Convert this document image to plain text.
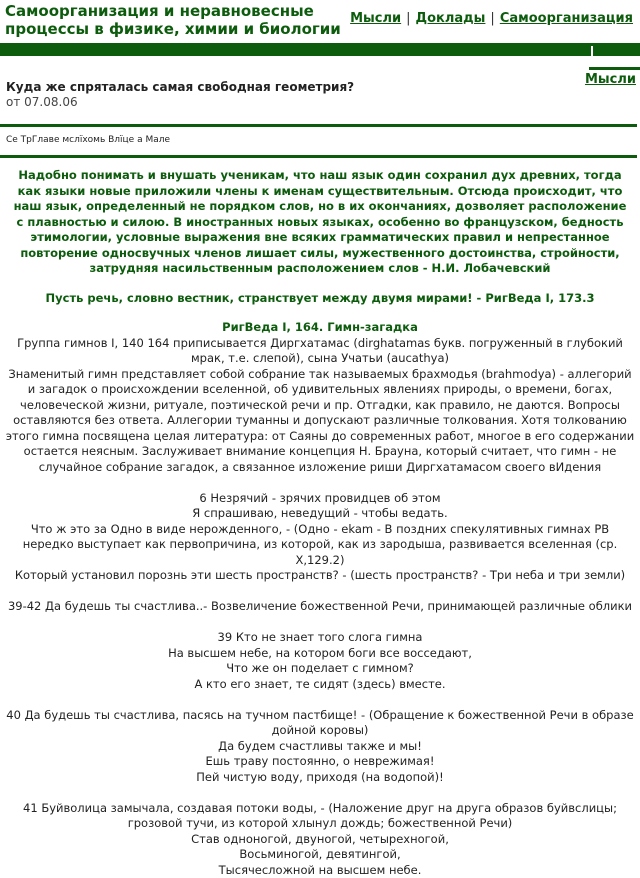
Самоорганизация и неравновесные процессы в физике, химии и биологии
Мысли | Доклады | Самоорганизация
Мысли
Куда же спряталась самая свободная геометрия?
от 07.08.06
Се ТрГлаве мслїхомь Влїце а Мале
Надобно понимать и внушать ученикам, что наш язык один сохранил дух древних, тогда как языки новые приложили члены к именам существительным. Отсюда происходит, что наш язык, определенный не порядком слов, но в их окончаниях, дозволяет расположение с плавностью и силою. В иностранных новых языках, особенно во французском, бедность этимологии, условные выражения вне всяких грамматических правил и непрестанное повторение односвучных членов лишает силы, мужественного достоинства, стройности, затрудняя насильственным расположением слов - Н.И. Лобачевский
Пусть речь, словно вестник, странствует между двумя мирами! - РигВеда I, 173.3

РигВеда I, 164. Гимн-загадка

Группа гимнов I, 140 164 приписывается Диргхатамас (dirghatamas букв. погруженный в глубокий мрак, т.е. слепой), сына Учатьи (aucathya)

Знаменитый гимн представляет собой собрание так называемых брахмодья (brahmodya) - аллегорий и загадок о происхождении вселенной, об удивительных явлениях природы, о времени, богах, человеческой жизни, ритуале, поэтической речи и пр. Отгадки, как правило, не даются. Вопросы оставляются без ответа. Аллегории туманны и допускают различные толкования. Хотя толкованию этого гимна посвящена целая литература: от Саяны до современных работ, многое в его содержании остается неясным. Заслуживает внимание концепция Н. Брауна, который считает, что гимн - не случайное собрание загадок, а связанное изложение риши Диргхатамасом своего вИдения

6 Незрячий - зрячих провидцев об этом

Я спрашиваю, неведущий - чтобы ведать.

Что ж это за Одно в виде нерожденного, - (Одно - ekam - В поздних спекулятивных гимнах РВ нередко выступает как первопричина, из которой, как из зародыша, развивается вселенная (ср. X,129.2)

Который установил порознь эти шесть пространств? - (шесть пространств? - Три неба и три земли)

39-42 Да будешь ты счастлива..- Возвеличение божественной Речи, принимающей различные облики

39 Кто не знает того слога гимна

На высшем небе, на котором боги все восседают,

Что же он поделает с гимном?

А кто его знает, те сидят (здесь) вместе.

40 Да будешь ты счастлива, пасясь на тучном пастбище! - (Обращение к божественной Речи в образе дойной коровы)

Да будем счастливы также и мы!

Ешь траву постоянно, о неврежимая!

Пей чистую воду, приходя (на водопой)!

41 Буйволица замычала, создавая потоки воды, - (Наложение друг на друга образов буйвслицы; грозовой тучи, из которой хлынул дождь; божественной Речи)

Став одноногой, двуногой, четырехногой,

Восьминогой, девятингой,

Тысячесложной на высшем небе.
